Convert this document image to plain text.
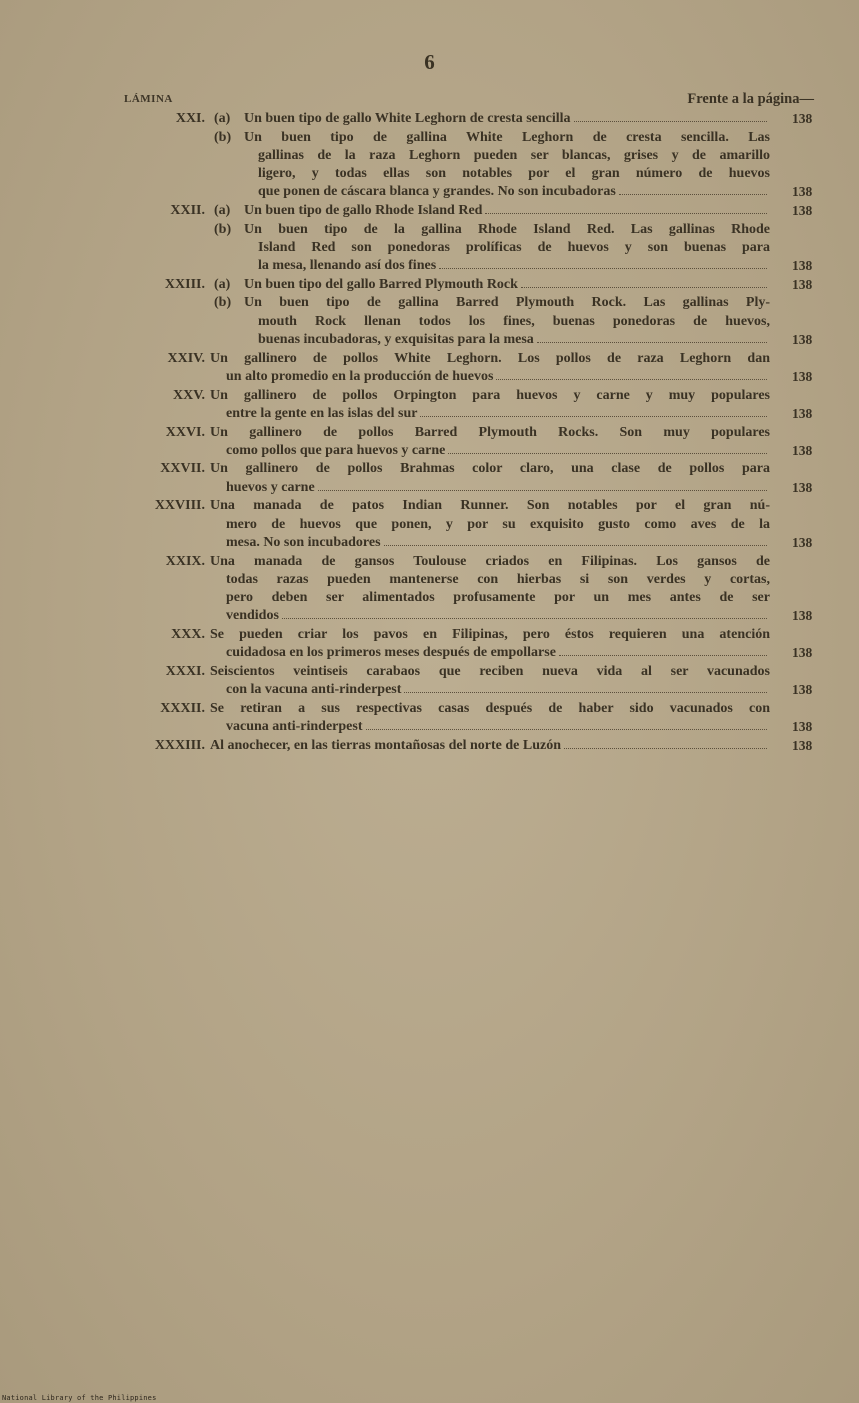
6
LÁMINA	Frente a la página—
XXI. (a) Un buen tipo de gallo White Leghorn de cresta sencilla	138
(b) Un buen tipo de gallina White Leghorn de cresta sencilla. Las
gallinas de la raza Leghorn pueden ser blancas, grises y de amarillo
ligero, y todas ellas son notables por el gran número de huevos
que ponen de cáscara blanca y grandes. No son incubadoras	138
XXII. (a) Un buen tipo de gallo Rhode Island Red	138
(b) Un buen tipo de la gallina Rhode Island Red. Las gallinas Rhode
Island Red son ponedoras prolíficas de huevos y son buenas para
la mesa, llenando así dos fines	138
XXIII. (a) Un buen tipo del gallo Barred Plymouth Rock	138
(b) Un buen tipo de gallina Barred Plymouth Rock. Las gallinas Ply-
mouth Rock llenan todos los fines, buenas ponedoras de huevos,
buenas incubadoras, y exquisitas para la mesa	138
XXIV. Un gallinero de pollos White Leghorn. Los pollos de raza Leghorn dan
un alto promedio en la producción de huevos	138
XXV. Un gallinero de pollos Orpington para huevos y carne y muy populares
entre la gente en las islas del sur	138
XXVI. Un gallinero de pollos Barred Plymouth Rocks. Son muy populares
como pollos que para huevos y carne	138
XXVII. Un gallinero de pollos Brahmas color claro, una clase de pollos para
huevos y carne	138
XXVIII. Una manada de patos Indian Runner. Son notables por el gran nú-
mero de huevos que ponen, y por su exquisito gusto como aves de la
mesa. No son incubadores	138
XXIX. Una manada de gansos Toulouse criados en Filipinas. Los gansos de
todas razas pueden mantenerse con hierbas si son verdes y cortas,
pero deben ser alimentados profusamente por un mes antes de ser
vendidos	138
XXX. Se pueden criar los pavos en Filipinas, pero éstos requieren una atención
cuidadosa en los primeros meses después de empollarse	138
XXXI. Seiscientos veintiseis carabaos que reciben nueva vida al ser vacunados
con la vacuna anti-rinderpest	138
XXXII. Se retiran a sus respectivas casas después de haber sido vacunados con
vacuna anti-rinderpest	138
XXXIII. Al anochecer, en las tierras montañosas del norte de Luzón	138
National Library of the Philippines
